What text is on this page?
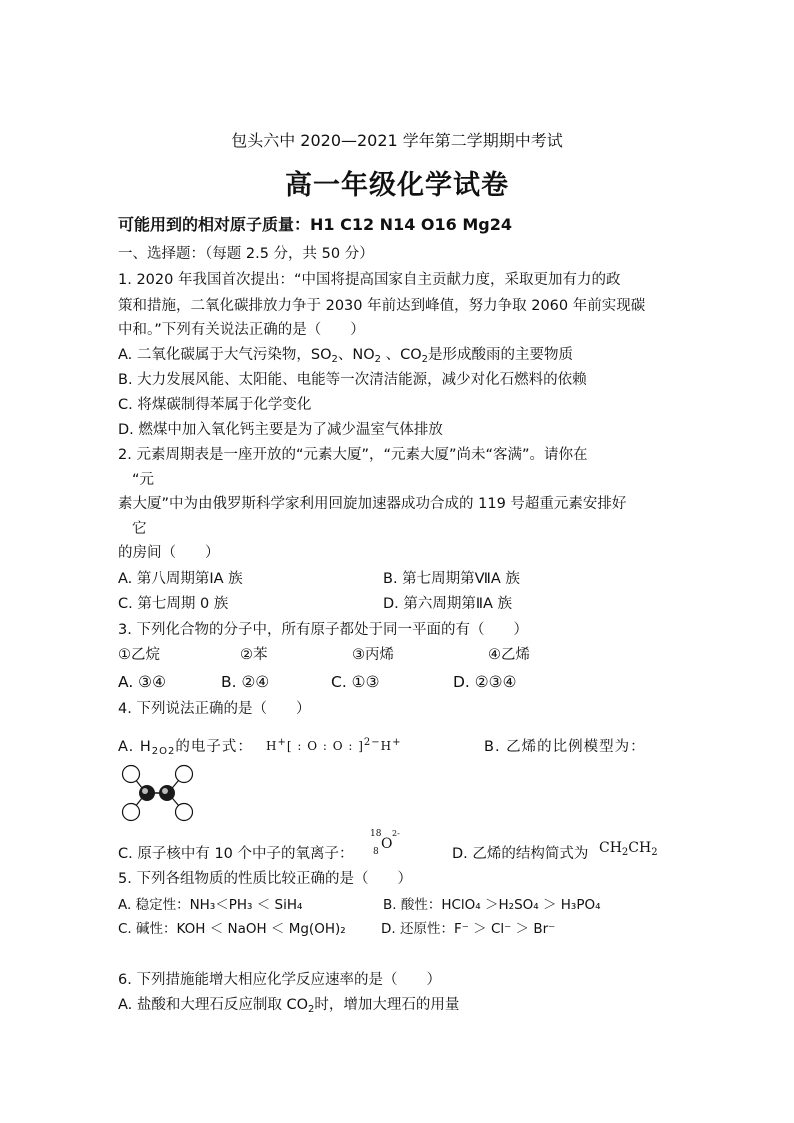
包头六中 2020—2021 学年第二学期期中考试
高一年级化学试卷
可能用到的相对原子质量：H1 C12 N14 O16 Mg24
一、选择题：（每题 2.5 分，共 50 分）
1. 2020 年我国首次提出：“中国将提高国家自主贡献力度，采取更加有力的政
策和措施，二氧化碳排放力争于 2030 年前达到峰值，努力争取 2060 年前实现碳
中和。”下列有关说法正确的是（　　）
A. 二氧化碳属于大气污染物，$SO_2$、$NO_2$ 、$CO_2$是形成酸雨的主要物质
B. 大力发展风能、太阳能、电能等一次清洁能源，减少对化石燃料的依赖
C. 将煤碳制得苯属于化学变化
D. 燃煤中加入氧化钙主要是为了减少温室气体排放
2. 元素周期表是一座开放的“元素大厦”，“元素大厦”尚未“客满”。请你在
“元
素大厦”中为由俄罗斯科学家利用回旋加速器成功合成的 119 号超重元素安排好
它
的房间（　　）
A. 第八周期第ⅠA 族	B. 第七周期第ⅦA 族
C. 第七周期 0 族	D. 第六周期第ⅡA 族
3. 下列化合物的分子中，所有原子都处于同一平面的有（　　）
①乙烷	②苯	③丙烯	④乙烯
A. ③④	B. ②④	C. ①③	D. ②③④
4. 下列说法正确的是（　　）
A. $H_{2O2}$的电子式： H+[ : O : O : ]$^{2-}$H+	B. 乙烯的比例模型为：
C. 原子核中有 10 个中子的氧离子：
18
8 O
2-
D. 乙烯的结构简式为 $CH_2CH_2$
5. 下列各组物质的性质比较正确的是（　　）
A. 稳定性：NH₃＜PH₃ ＜ SiH₄	B. 酸性：HClO₄ ＞H₂SO₄ ＞ H₃PO₄
C. 碱性：KOH ＜ NaOH ＜ Mg(OH)₂	D. 还原性：F⁻ ＞ Cl⁻ ＞ Br⁻
6. 下列措施能增大相应化学反应速率的是（　　）
A. 盐酸和大理石反应制取 $CO_2$时，增加大理石的用量
